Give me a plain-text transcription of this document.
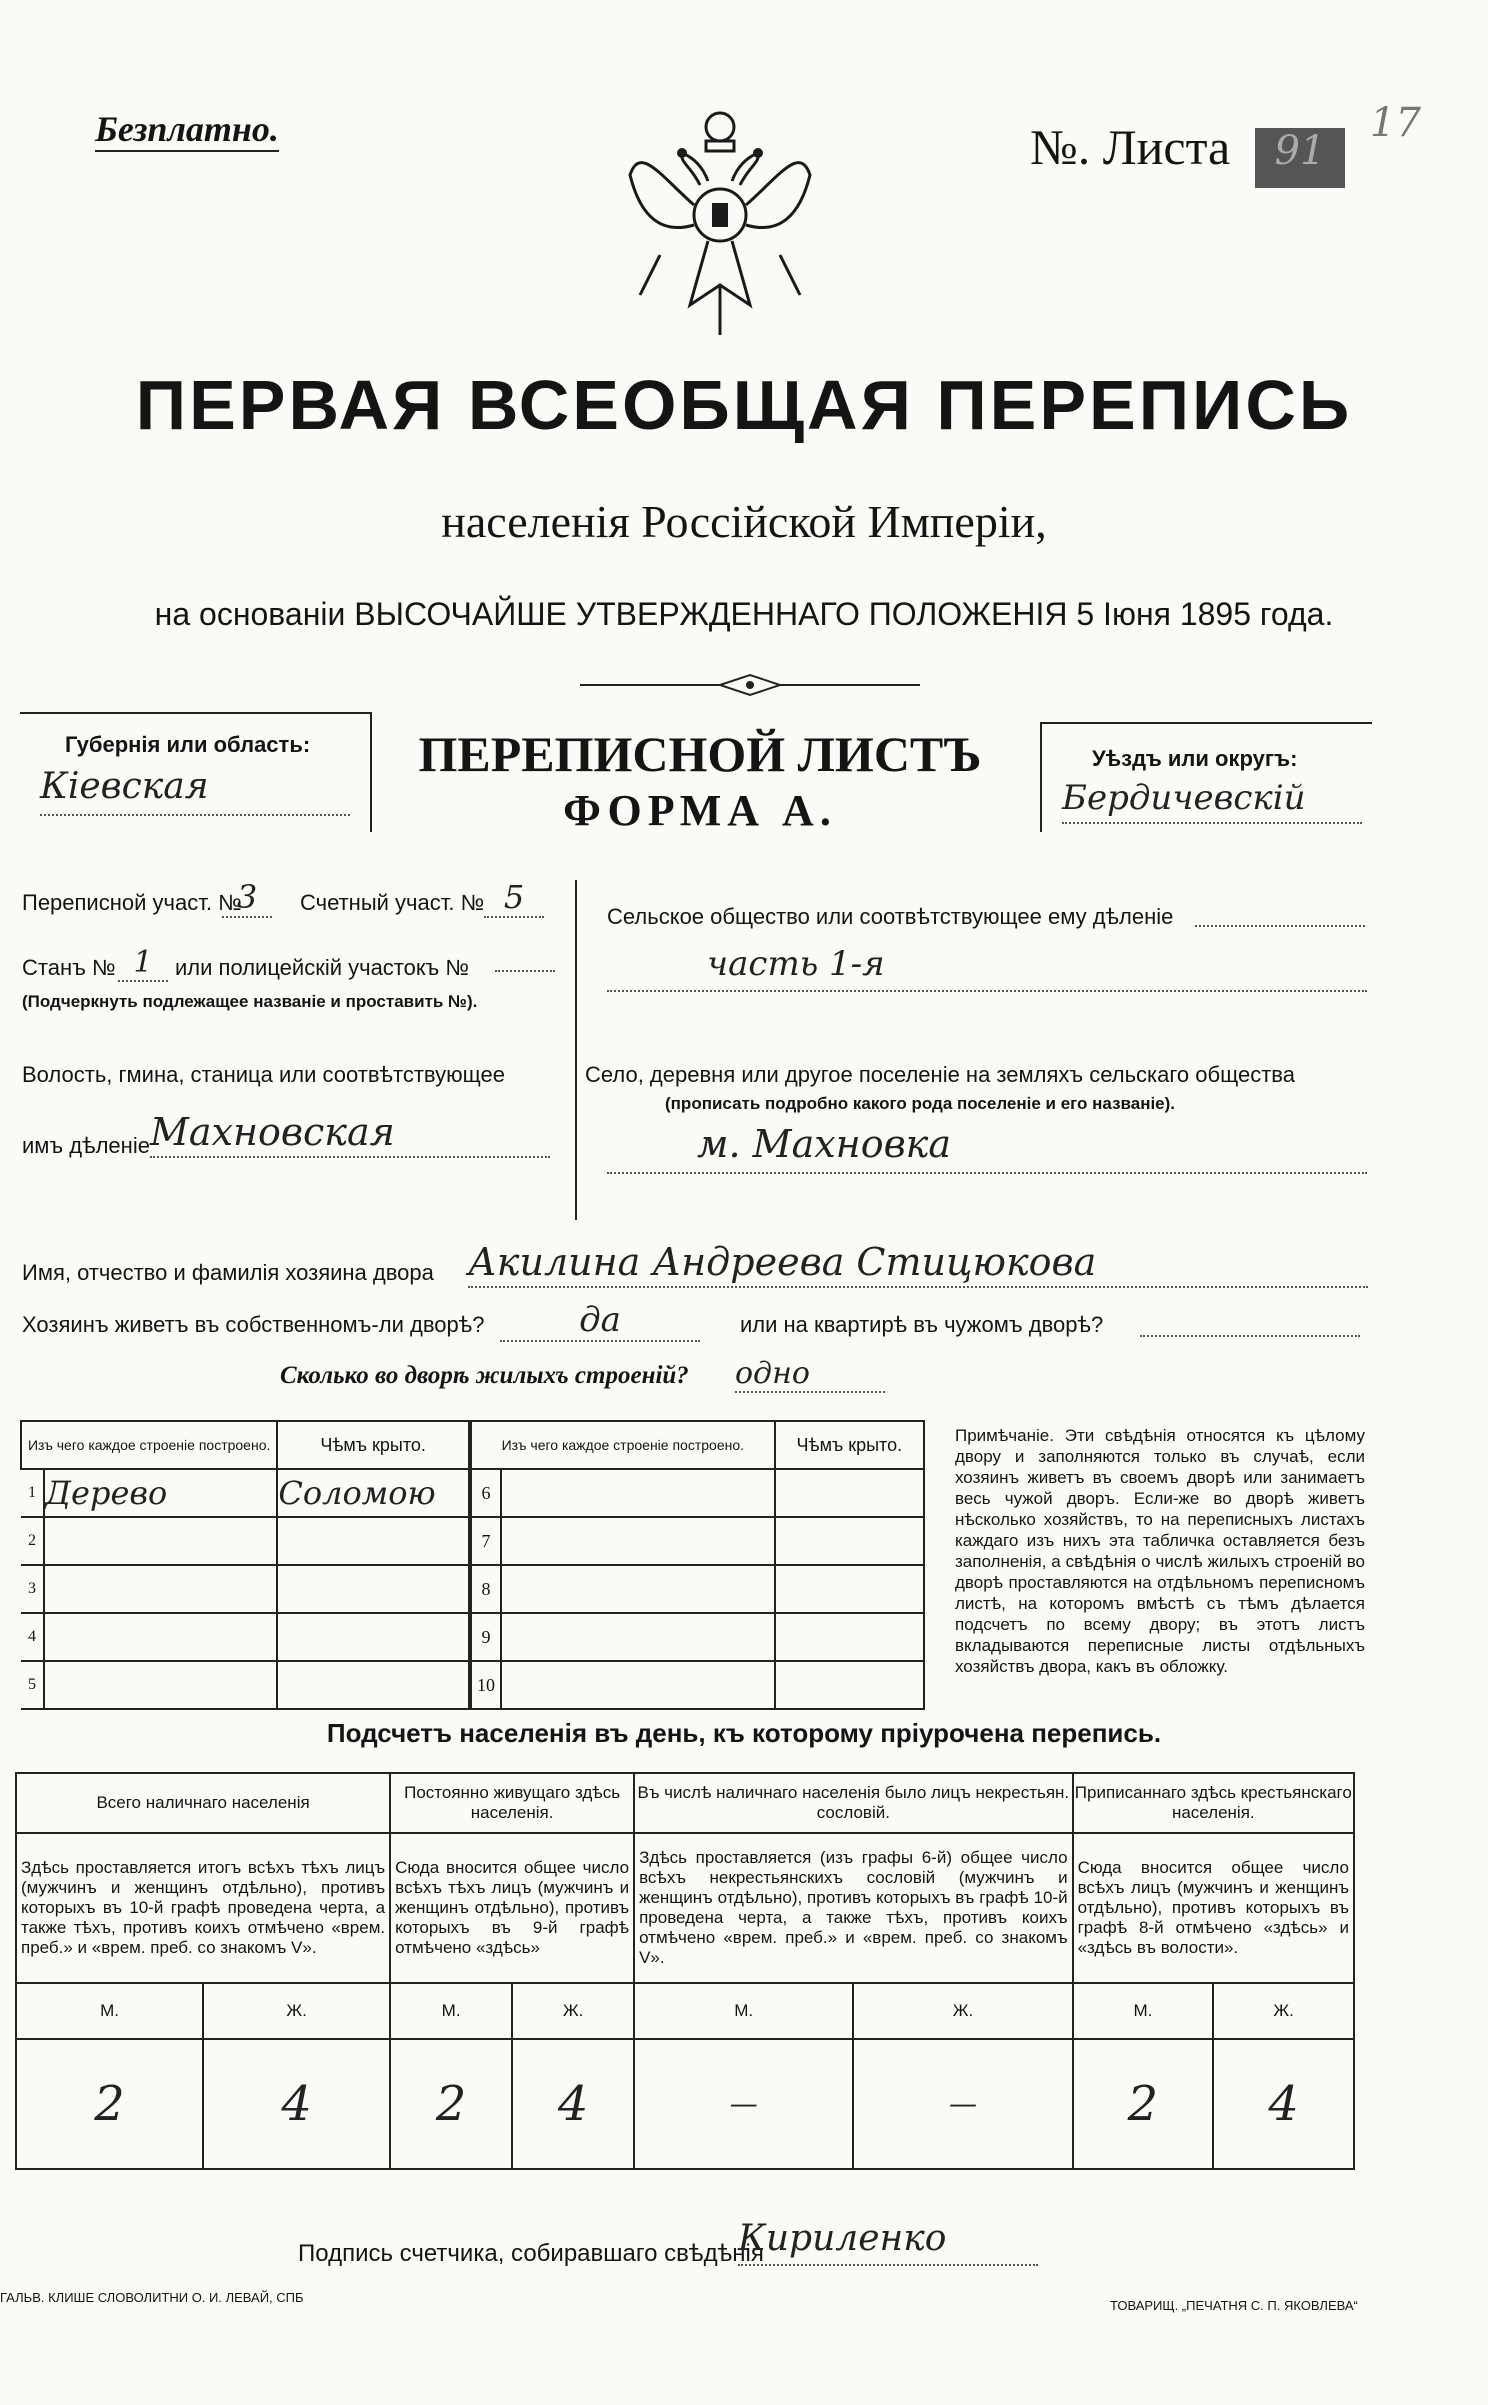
Безплатно.	№. Листа	91
17
ПЕРВАЯ ВСЕОБЩАЯ ПЕРЕПИСЬ
населенія Россійской Имперіи,
на основаніи ВЫСОЧАЙШЕ УТВЕРЖДЕННАГО ПОЛОЖЕНІЯ 5 Іюня 1895 года.
Губернія или область:
Кіевская
ПЕРЕПИСНОЙ ЛИСТЪ
ФОРМА А.
Уѣздъ или округъ:
Бердичевскій
Переписной участ. №
3	Счетный участ. № 5
Станъ № 1	или полицейскій участокъ №
(Подчеркнуть подлежащее названіе и проставить №).
Волость, гмина, станица или соотвѣтствующее
имъ дѣленіе Махновская
Сельское общество или соотвѣтствующее ему дѣленіе
часть 1-я
Село, деревня или другое поселеніе на земляхъ сельскаго общества
(прописать подробно какого рода поселеніе и его названіе).
м. Махновка
Имя, отчество и фамилія хозяина двора Акилина Андреева Стицюкова
Хозяинъ живетъ въ собственномъ-ли дворѣ?	да	или на квартирѣ въ чужомъ дворѣ?
Сколько во дворѣ жилыхъ строеній? одно
Изъ чего каждое строеніе построено.		Чѣмъ крыто.
1	Дерево	Соломою
2		
3		
4		
5		
Изъ чего каждое строеніе построено.		Чѣмъ крыто.
6		
7		
8		
9		
10		
Примѣчаніе. Эти свѣдѣнія относятся къ цѣлому двору и заполняются только въ случаѣ, если хозяинъ живетъ въ своемъ дворѣ или занимаетъ весь чужой дворъ. Если-же во дворѣ живетъ нѣсколько хозяйствъ, то на переписныхъ листахъ каждаго изъ нихъ эта табличка оставляется безъ заполненія, а свѣдѣнія о числѣ жилыхъ строеній во дворѣ проставляются на отдѣльномъ переписномъ листѣ, на которомъ вмѣстѣ съ тѣмъ дѣлается подсчетъ по всему двору; въ этотъ листъ вкладываются переписные листы отдѣльныхъ хозяйствъ двора, какъ въ обложку.
Подсчетъ населенія въ день, къ которому пріурочена перепись.
Всего наличнаго населенія		Постоянно живущаго здѣсь населенія.		Въ числѣ наличнаго населенія было лицъ некрестьян. сословій.		Приписаннаго здѣсь крестьянскаго населенія.	
Здѣсь проставляется итогъ всѣхъ тѣхъ лицъ (мужчинъ и женщинъ отдѣльно), противъ которыхъ въ 10-й графѣ проведена черта, а также тѣхъ, противъ коихъ отмѣчено «врем. преб.» и «врем. преб. со знакомъ V».		Сюда вносится общее число всѣхъ тѣхъ лицъ (мужчинъ и женщинъ отдѣльно), противъ которыхъ въ 9-й графѣ отмѣчено «здѣсь»		Здѣсь проставляется (изъ графы 6-й) общее число всѣхъ некрестьянскихъ сословій (мужчинъ и женщинъ отдѣльно), противъ которыхъ въ графѣ 10-й проведена черта, а также тѣхъ, противъ коихъ отмѣчено «врем. преб.» и «врем. преб. со знакомъ V».		Сюда вносится общее число всѣхъ лицъ (мужчинъ и женщинъ отдѣльно), противъ которыхъ въ графѣ 8-й отмѣчено «здѣсь» и «здѣсь въ волости».	
М.	Ж.	М.	Ж.	М.	Ж.	М.	Ж.
2	4	2	4	—	—	2	4
Подпись счетчика, собиравшаго свѣдѣнія
Кириленко
ГАЛЬВ. КЛИШЕ СЛОВОЛИТНИ О. И. ЛЕВАЙ, СПБ
ТОВАРИЩ. „ПЕЧАТНЯ С. П. ЯКОВЛЕВА“
